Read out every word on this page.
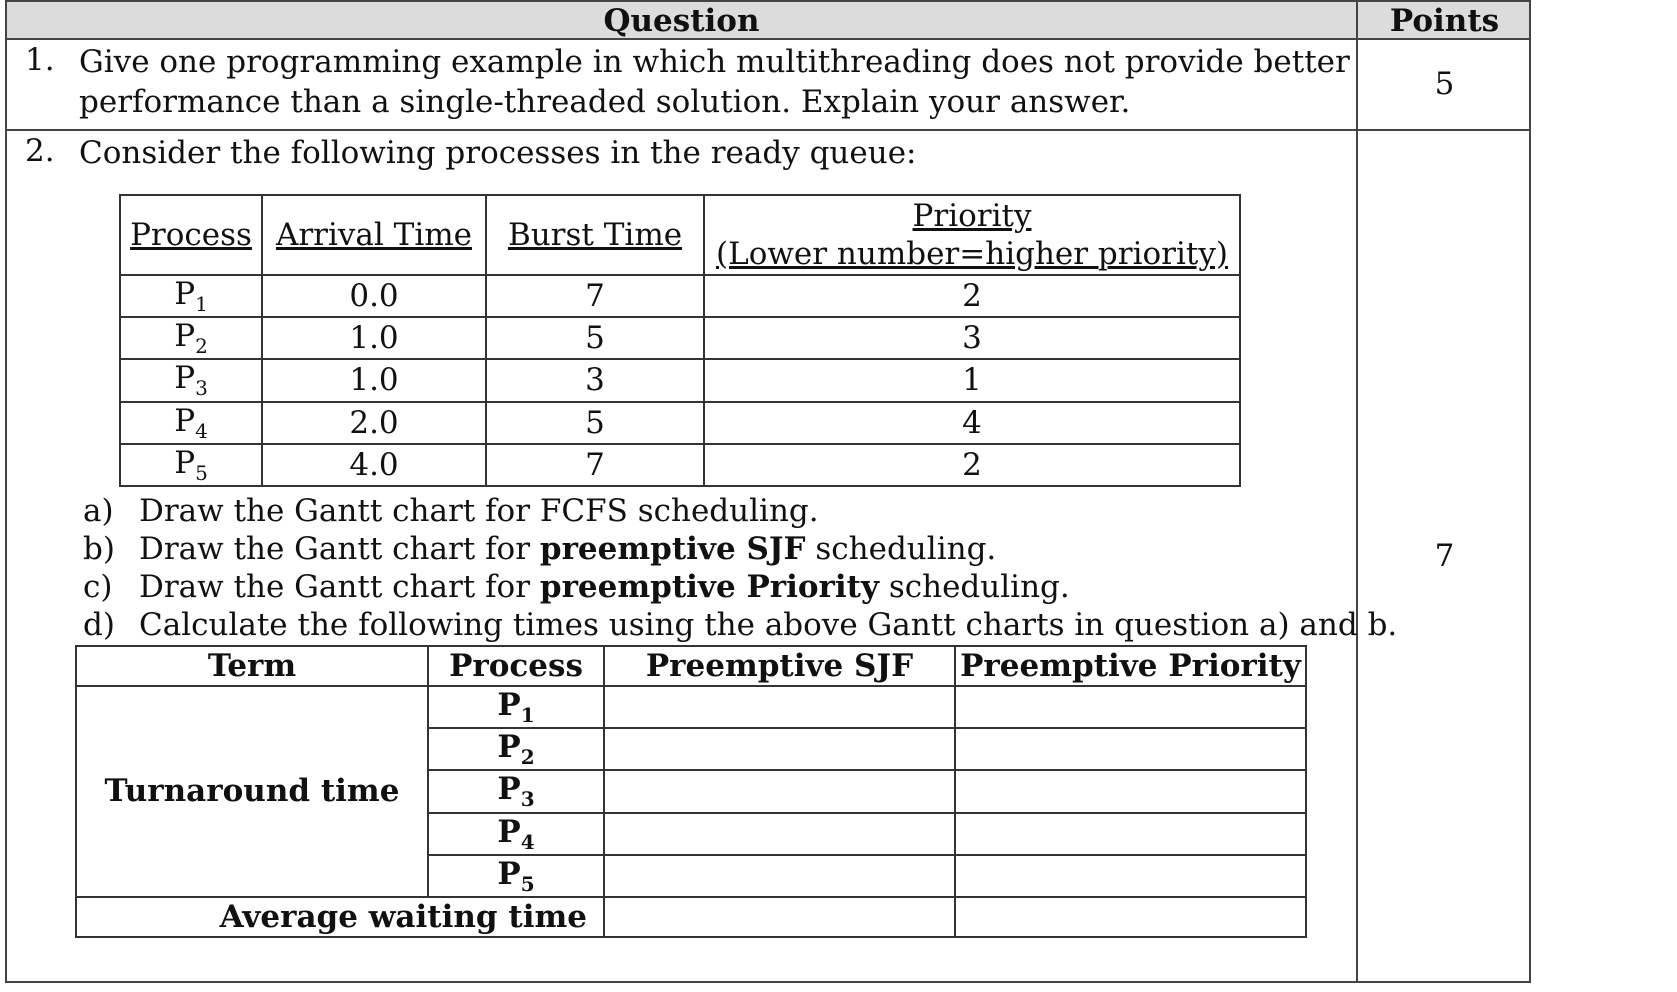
Question	Points
1. Give one programming example in which multithreading does not provide better
performance than a single-threaded solution. Explain your answer.	5
2. Consider the following processes in the ready queue:
7
Process	Arrival Time	Burst Time	Priority
(Lower number=higher priority)
$P_1$	0.0	7	2
$P_2$	1.0	5	3
$P_3$	1.0	3	1
$P_4$	2.0	5	4
$P_5$	4.0	7	2
a) Draw the Gantt chart for FCFS scheduling.
b) Draw the Gantt chart for preemptive SJF scheduling.
c) Draw the Gantt chart for preemptive Priority scheduling.
d) Calculate the following times using the above Gantt charts in question a) and b.
Term	Process	Preemptive SJF	Preemptive Priority
Turnaround time	$P_1$		
	$P_2$		
	$P_3$		
	$P_4$		
	$P_5$		
Average waiting time			
